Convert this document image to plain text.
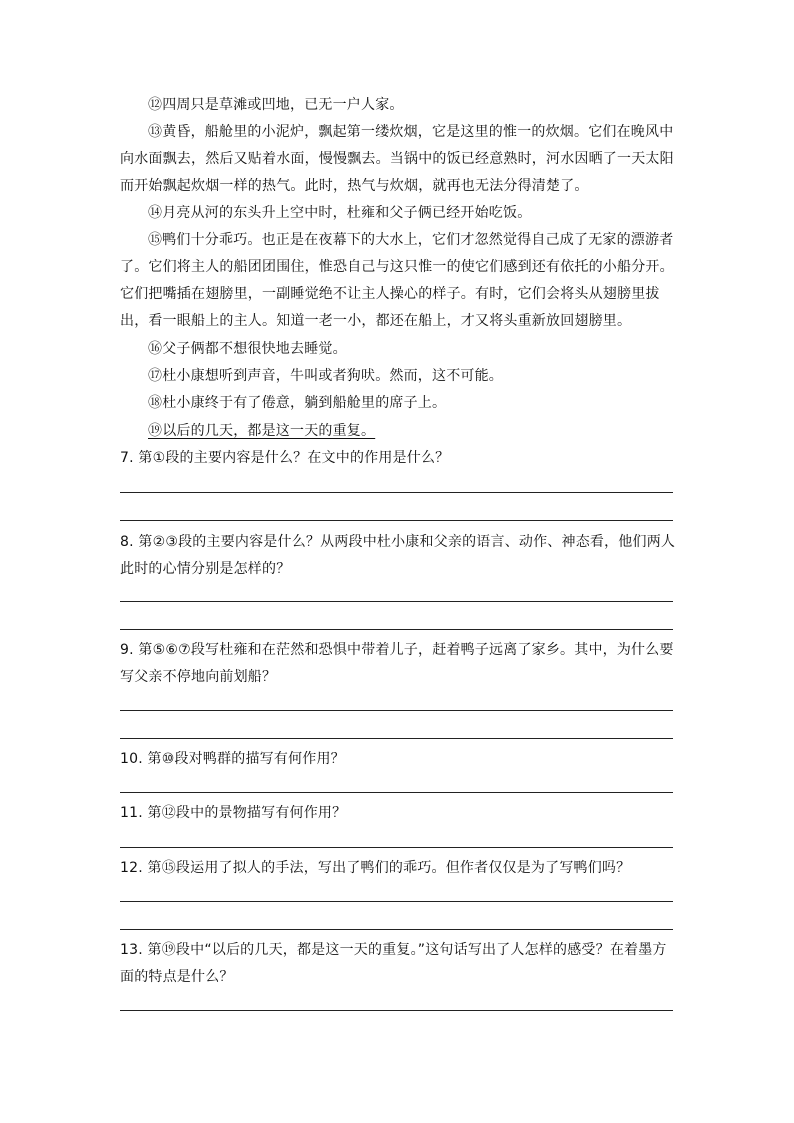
⑫四周只是草滩或凹地，已无一户人家。
⑬黄昏，船舱里的小泥炉，飘起第一缕炊烟，它是这里的惟一的炊烟。它们在晚风中向水面飘去，然后又贴着水面，慢慢飘去。当锅中的饭已经意熟时，河水因晒了一天太阳而开始飘起炊烟一样的热气。此时，热气与炊烟，就再也无法分得清楚了。
⑭月亮从河的东头升上空中时，杜雍和父子俩已经开始吃饭。
⑮鸭们十分乖巧。也正是在夜幕下的大水上，它们才忽然觉得自己成了无家的漂游者了。它们将主人的船团团围住，惟恐自己与这只惟一的使它们感到还有依托的小船分开。它们把嘴插在翅膀里，一副睡觉绝不让主人操心的样子。有时，它们会将头从翅膀里拔出，看一眼船上的主人。知道一老一小，都还在船上，才又将头重新放回翅膀里。
⑯父子俩都不想很快地去睡觉。
⑰杜小康想听到声音，牛叫或者狗吠。然而，这不可能。
⑱杜小康终于有了倦意，躺到船舱里的席子上。
⑲以后的几天，都是这一天的重复。
7. 第①段的主要内容是什么？在文中的作用是什么？
8. 第②③段的主要内容是什么？从两段中杜小康和父亲的语言、动作、神态看，他们两人此时的心情分别是怎样的？
9. 第⑤⑥⑦段写杜雍和在茫然和恐惧中带着儿子，赶着鸭子远离了家乡。其中，为什么要写父亲不停地向前划船？
10. 第⑩段对鸭群的描写有何作用？
11. 第⑫段中的景物描写有何作用？
12. 第⑮段运用了拟人的手法，写出了鸭们的乖巧。但作者仅仅是为了写鸭们吗？
13. 第⑲段中“以后的几天，都是这一天的重复。”这句话写出了人怎样的感受？在着墨方面的特点是什么？
